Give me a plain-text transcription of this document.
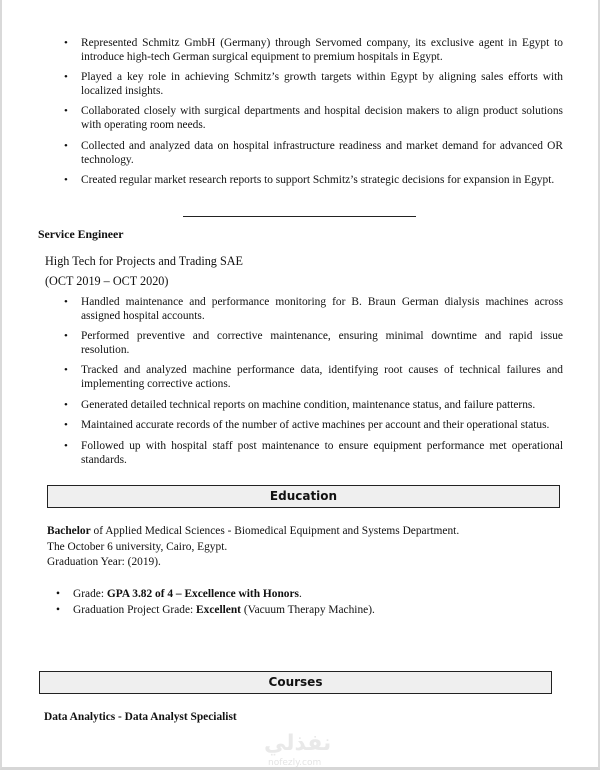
• Represented Schmitz GmbH (Germany) through Servomed company, its exclusive agent in Egypt to introduce high-tech German surgical equipment to premium hospitals in Egypt.
• Played a key role in achieving Schmitz’s growth targets within Egypt by aligning sales efforts with localized insights.
• Collaborated closely with surgical departments and hospital decision makers to align product solutions with operating room needs.
• Collected and analyzed data on hospital infrastructure readiness and market demand for advanced OR technology.
• Created regular market research reports to support Schmitz’s strategic decisions for expansion in Egypt.
Service Engineer
High Tech for Projects and Trading SAE
(OCT 2019 – OCT 2020)
• Handled maintenance and performance monitoring for B. Braun German dialysis machines across assigned hospital accounts.
• Performed preventive and corrective maintenance, ensuring minimal downtime and rapid issue resolution.
• Tracked and analyzed machine performance data, identifying root causes of technical failures and implementing corrective actions.
• Generated detailed technical reports on machine condition, maintenance status, and failure patterns.
• Maintained accurate records of the number of active machines per account and their operational status.
• Followed up with hospital staff post maintenance to ensure equipment performance met operational standards.
Education
Bachelor of Applied Medical Sciences - Biomedical Equipment and Systems Department.
The October 6 university, Cairo, Egypt.
Graduation Year: (2019).
• Grade: GPA 3.82 of 4 – Excellence with Honors.
• Graduation Project Grade: Excellent (Vacuum Therapy Machine).
Courses
Data Analytics - Data Analyst Specialist
نفذلي
nofezly.com
